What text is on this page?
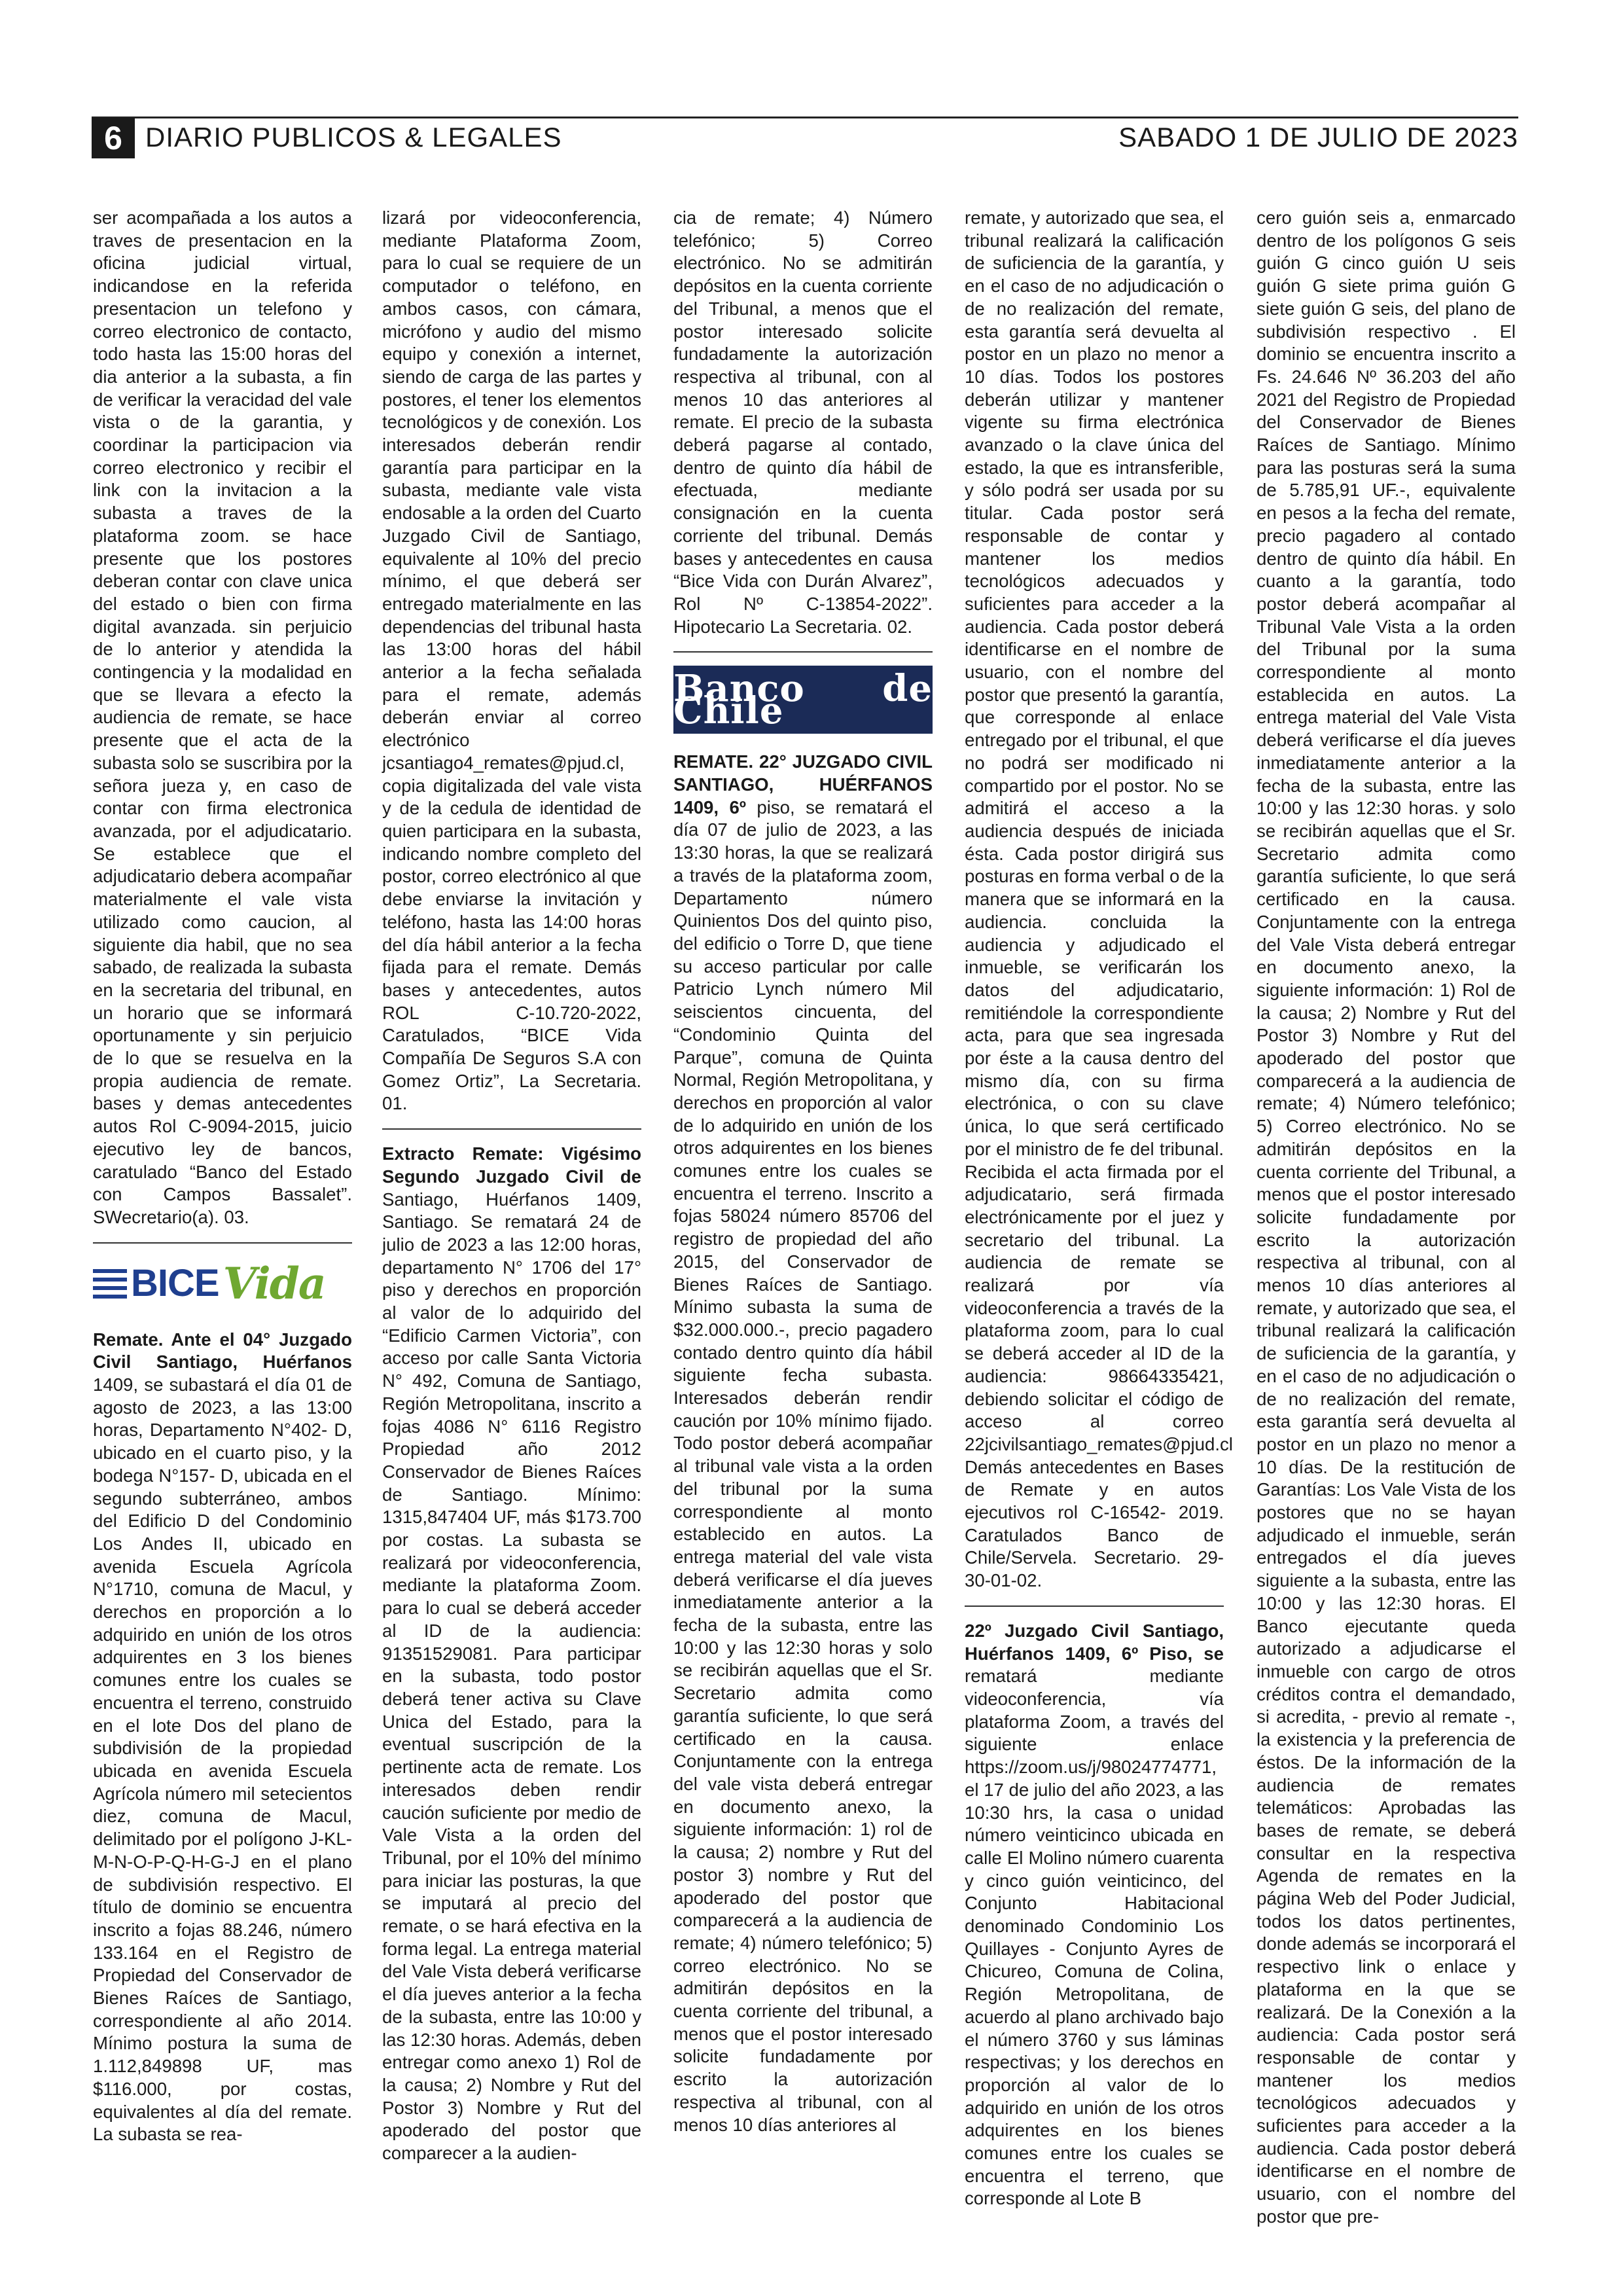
6 DIARIO PUBLICOS & LEGALES	SABADO 1 DE JULIO DE 2023

ser acompañada a los autos a traves de presentacion en la oficina judicial virtual, indicandose en la referida presentacion un telefono y correo electronico de contacto, todo hasta las 15:00 horas del dia anterior a la subasta, a fin de verificar la veracidad del vale vista o de la garantia, y coordinar la participacion via correo electronico y recibir el link con la invitacion a la subasta a traves de la plataforma zoom. se hace presente que los postores deberan contar con clave unica del estado o bien con firma digital avanzada. sin perjuicio de lo anterior y atendida la contingencia y la modalidad en que se llevara a efecto la audiencia de remate, se hace presente que el acta de la subasta solo se suscribira por la señora jueza y, en caso de contar con firma electronica avanzada, por el adjudicatario. Se establece que el adjudicatario debera acompañar materialmente el vale vista utilizado como caucion, al siguiente dia habil, que no sea sabado, de realizada la subasta en la secretaria del tribunal, en un horario que se informará oportunamente y sin perjuicio de lo que se resuelva en la propia audiencia de remate. bases y demas antecedentes autos Rol C-9094-2015, juicio ejecutivo ley de bancos, caratulado “Banco del Estado con Campos Bassalet”. SWecretario(a). 03.

BICE Vida

Remate. Ante el 04° Juzgado Civil Santiago, Huérfanos 1409, se subastará el día 01 de agosto de 2023, a las 13:00 horas, Departamento N°402- D, ubicado en el cuarto piso, y la bodega N°157- D, ubicada en el segundo subterráneo, ambos del Edificio D del Condominio Los Andes II, ubicado en avenida Escuela Agrícola N°1710, comuna de Macul, y derechos en proporción a lo adquirido en unión de los otros adquirentes en 3 los bienes comunes entre los cuales se encuentra el terreno, construido en el lote Dos del plano de subdivisión de la propiedad ubicada en avenida Escuela Agrícola número mil setecientos diez, comuna de Macul, delimitado por el polígono J-KL-M-N-O-P-Q-H-G-J en el plano de subdivisión respectivo. El título de dominio se encuentra inscrito a fojas 88.246, número 133.164 en el Registro de Propiedad del Conservador de Bienes Raíces de Santiago, correspondiente al año 2014. Mínimo postura la suma de 1.112,849898 UF, mas $116.000, por costas, equivalentes al día del remate. La subasta se rea-

lizará por videoconferencia, mediante Plataforma Zoom, para lo cual se requiere de un computador o teléfono, en ambos casos, con cámara, micrófono y audio del mismo equipo y conexión a internet, siendo de carga de las partes y postores, el tener los elementos tecnológicos y de conexión. Los interesados deberán rendir garantía para participar en la subasta, mediante vale vista endosable a la orden del Cuarto Juzgado Civil de Santiago, equivalente al 10% del precio mínimo, el que deberá ser entregado materialmente en las dependencias del tribunal hasta las 13:00 horas del hábil anterior a la fecha señalada para el remate, además deberán enviar al correo electrónico jcsantiago4_remates@pjud.cl, copia digitalizada del vale vista y de la cedula de identidad de quien participara en la subasta, indicando nombre completo del postor, correo electrónico al que debe enviarse la invitación y teléfono, hasta las 14:00 horas del día hábil anterior a la fecha fijada para el remate. Demás bases y antecedentes, autos ROL C-10.720-2022, Caratulados, “BICE Vida Compañía De Seguros S.A con Gomez Ortiz”, La Secretaria. 01.

Extracto Remate: Vigésimo Segundo Juzgado Civil de Santiago, Huérfanos 1409, Santiago. Se rematará 24 de julio de 2023 a las 12:00 horas, departamento N° 1706 del 17° piso y derechos en proporción al valor de lo adquirido del “Edificio Carmen Victoria”, con acceso por calle Santa Victoria N° 492, Comuna de Santiago, Región Metropolitana, inscrito a fojas 4086 N° 6116 Registro Propiedad año 2012 Conservador de Bienes Raíces de Santiago. Mínimo: 1315,847404 UF, más $173.700 por costas. La subasta se realizará por videoconferencia, mediante la plataforma Zoom. para lo cual se deberá acceder al ID de la audiencia: 91351529081. Para participar en la subasta, todo postor deberá tener activa su Clave Unica del Estado, para la eventual suscripción de la pertinente acta de remate. Los interesados deben rendir caución suficiente por medio de Vale Vista a la orden del Tribunal, por el 10% del mínimo para iniciar las posturas, la que se imputará al precio del remate, o se hará efectiva en la forma legal. La entrega material del Vale Vista deberá verificarse el día jueves anterior a la fecha de la subasta, entre las 10:00 y las 12:30 horas. Además, deben entregar como anexo 1) Rol de la causa; 2) Nombre y Rut del Postor 3) Nombre y Rut del apoderado del postor que comparecer a la audien-

cia de remate; 4) Número telefónico; 5) Correo electrónico. No se admitirán depósitos en la cuenta corriente del Tribunal, a menos que el postor interesado solicite fundadamente la autorización respectiva al tribunal, con al menos 10 das anteriores al remate. El precio de la subasta deberá pagarse al contado, dentro de quinto día hábil de efectuada, mediante consignación en la cuenta corriente del tribunal. Demás bases y antecedentes en causa “Bice Vida con Durán Alvarez”, Rol Nº C-13854-2022”. Hipotecario La Secretaria. 02.

Banco de Chile

REMATE. 22° JUZGADO CIVIL SANTIAGO, HUÉRFANOS 1409, 6º piso, se rematará el día 07 de julio de 2023, a las 13:30 horas, la que se realizará a través de la plataforma zoom, Departamento número Quinientos Dos del quinto piso, del edificio o Torre D, que tiene su acceso particular por calle Patricio Lynch número Mil seiscientos cincuenta, del “Condominio Quinta del Parque”, comuna de Quinta Normal, Región Metropolitana, y derechos en proporción al valor de lo adquirido en unión de los otros adquirentes en los bienes comunes entre los cuales se encuentra el terreno. Inscrito a fojas 58024 número 85706 del registro de propiedad del año 2015, del Conservador de Bienes Raíces de Santiago. Mínimo subasta la suma de $32.000.000.-, precio pagadero contado dentro quinto día hábil siguiente fecha subasta. Interesados deberán rendir caución por 10% mínimo fijado. Todo postor deberá acompañar al tribunal vale vista a la orden del tribunal por la suma correspondiente al monto establecido en autos. La entrega material del vale vista deberá verificarse el día jueves inmediatamente anterior a la fecha de la subasta, entre las 10:00 y las 12:30 horas y solo se recibirán aquellas que el Sr. Secretario admita como garantía suficiente, lo que será certificado en la causa. Conjuntamente con la entrega del vale vista deberá entregar en documento anexo, la siguiente información: 1) rol de la causa; 2) nombre y Rut del postor 3) nombre y Rut del apoderado del postor que comparecerá a la audiencia de remate; 4) número telefónico; 5) correo electrónico. No se admitirán depósitos en la cuenta corriente del tribunal, a menos que el postor interesado solicite fundadamente por escrito la autorización respectiva al tribunal, con al menos 10 días anteriores al

remate, y autorizado que sea, el tribunal realizará la calificación de suficiencia de la garantía, y en el caso de no adjudicación o de no realización del remate, esta garantía será devuelta al postor en un plazo no menor a 10 días. Todos los postores deberán utilizar y mantener vigente su firma electrónica avanzado o la clave única del estado, la que es intransferible, y sólo podrá ser usada por su titular. Cada postor será responsable de contar y mantener los medios tecnológicos adecuados y suficientes para acceder a la audiencia. Cada postor deberá identificarse en el nombre de usuario, con el nombre del postor que presentó la garantía, que corresponde al enlace entregado por el tribunal, el que no podrá ser modificado ni compartido por el postor. No se admitirá el acceso a la audiencia después de iniciada ésta. Cada postor dirigirá sus posturas en forma verbal o de la manera que se informará en la audiencia. concluida la audiencia y adjudicado el inmueble, se verificarán los datos del adjudicatario, remitiéndole la correspondiente acta, para que sea ingresada por éste a la causa dentro del mismo día, con su firma electrónica, o con su clave única, lo que será certificado por el ministro de fe del tribunal. Recibida el acta firmada por el adjudicatario, será firmada electrónicamente por el juez y secretario del tribunal. La audiencia de remate se realizará por vía videoconferencia a través de la plataforma zoom, para lo cual se deberá acceder al ID de la audiencia: 98664335421, debiendo solicitar el código de acceso al correo 22jcivilsantiago_remates@pjud.cl Demás antecedentes en Bases de Remate y en autos ejecutivos rol C-16542- 2019. Caratulados Banco de Chile/Servela. Secretario. 29-30-01-02.

22º Juzgado Civil Santiago, Huérfanos 1409, 6º Piso, se rematará mediante videoconferencia, vía plataforma Zoom, a través del siguiente enlace https://zoom.us/j/98024774771, el 17 de julio del año 2023, a las 10:30 hrs, la casa o unidad número veinticinco ubicada en calle El Molino número cuarenta y cinco guión veinticinco, del Conjunto Habitacional denominado Condominio Los Quillayes - Conjunto Ayres de Chicureo, Comuna de Colina, Región Metropolitana, de acuerdo al plano archivado bajo el número 3760 y sus láminas respectivas; y los derechos en proporción al valor de lo adquirido en unión de los otros adquirentes en los bienes comunes entre los cuales se encuentra el terreno, que corresponde al Lote B

cero guión seis a, enmarcado dentro de los polígonos G seis guión G cinco guión U seis guión G siete prima guión G siete guión G seis, del plano de subdivisión respectivo . El dominio se encuentra inscrito a Fs. 24.646 Nº 36.203 del año 2021 del Registro de Propiedad del Conservador de Bienes Raíces de Santiago. Mínimo para las posturas será la suma de 5.785,91 UF.-, equivalente en pesos a la fecha del remate, precio pagadero al contado dentro de quinto día hábil. En cuanto a la garantía, todo postor deberá acompañar al Tribunal Vale Vista a la orden del Tribunal por la suma correspondiente al monto establecida en autos. La entrega material del Vale Vista deberá verificarse el día jueves inmediatamente anterior a la fecha de la subasta, entre las 10:00 y las 12:30 horas. y solo se recibirán aquellas que el Sr. Secretario admita como garantía suficiente, lo que será certificado en la causa. Conjuntamente con la entrega del Vale Vista deberá entregar en documento anexo, la siguiente información: 1) Rol de la causa; 2) Nombre y Rut del Postor 3) Nombre y Rut del apoderado del postor que comparecerá a la audiencia de remate; 4) Número telefónico; 5) Correo electrónico. No se admitirán depósitos en la cuenta corriente del Tribunal, a menos que el postor interesado solicite fundadamente por escrito la autorización respectiva al tribunal, con al menos 10 días anteriores al remate, y autorizado que sea, el tribunal realizará la calificación de suficiencia de la garantía, y en el caso de no adjudicación o de no realización del remate, esta garantía será devuelta al postor en un plazo no menor a 10 días. De la restitución de Garantías: Los Vale Vista de los postores que no se hayan adjudicado el inmueble, serán entregados el día jueves siguiente a la subasta, entre las 10:00 y las 12:30 horas. El Banco ejecutante queda autorizado a adjudicarse el inmueble con cargo de otros créditos contra el demandado, si acredita, - previo al remate -, la existencia y la preferencia de éstos. De la información de la audiencia de remates telemáticos: Aprobadas las bases de remate, se deberá consultar en la respectiva Agenda de remates en la página Web del Poder Judicial, todos los datos pertinentes, donde además se incorporará el respectivo link o enlace y plataforma en la que se realizará. De la Conexión a la audiencia: Cada postor será responsable de contar y mantener los medios tecnológicos adecuados y suficientes para acceder a la audiencia. Cada postor deberá identificarse en el nombre de usuario, con el nombre del postor que pre-
